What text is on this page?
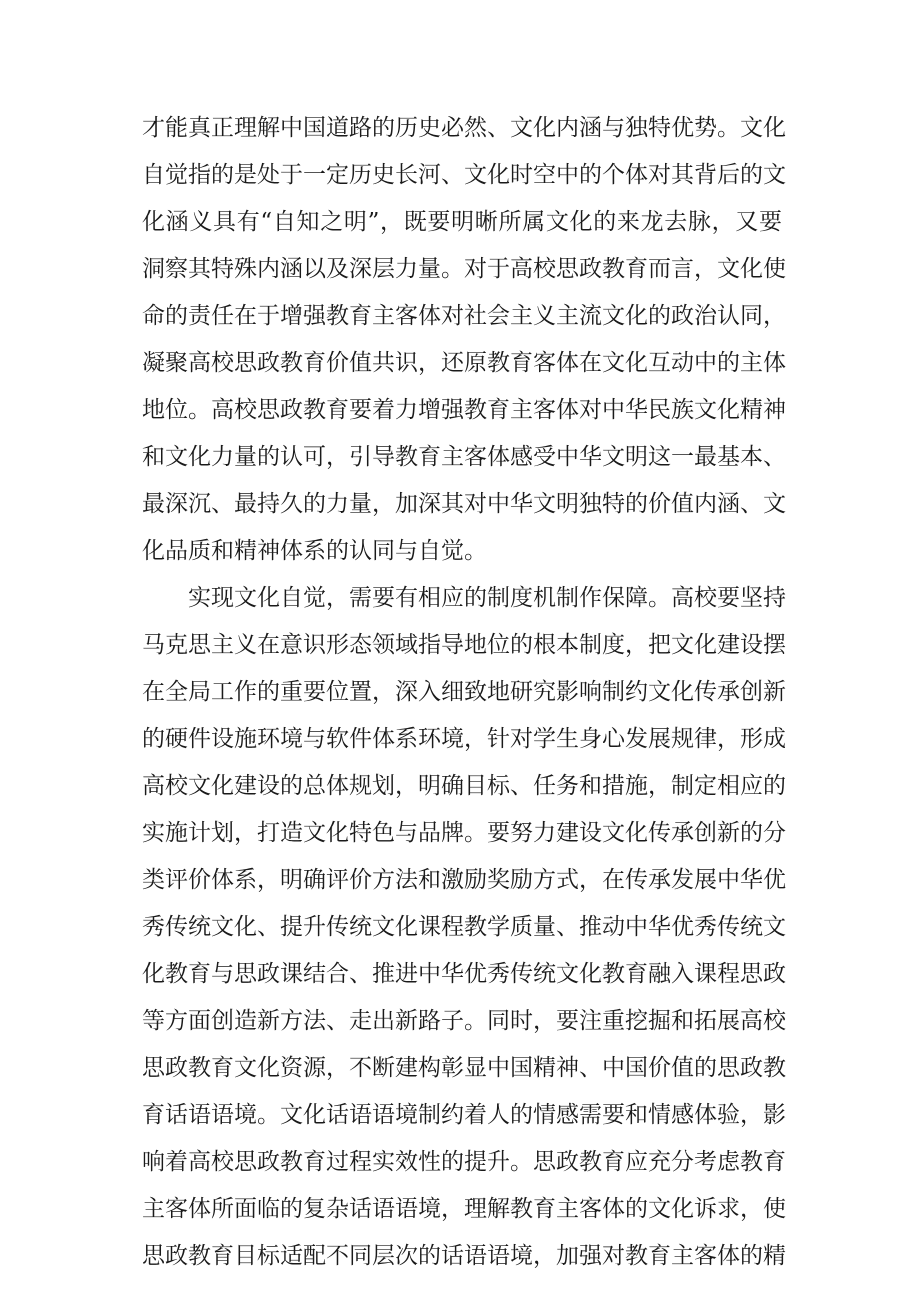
才能真正理解中国道路的历史必然、文化内涵与独特优势。文化
自觉指的是处于一定历史长河、文化时空中的个体对其背后的文
化涵义具有“自知之明”，既要明晰所属文化的来龙去脉，又要
洞察其特殊内涵以及深层力量。对于高校思政教育而言，文化使
命的责任在于增强教育主客体对社会主义主流文化的政治认同，
凝聚高校思政教育价值共识，还原教育客体在文化互动中的主体
地位。高校思政教育要着力增强教育主客体对中华民族文化精神
和文化力量的认可，引导教育主客体感受中华文明这一最基本、
最深沉、最持久的力量，加深其对中华文明独特的价值内涵、文
化品质和精神体系的认同与自觉。
实现文化自觉，需要有相应的制度机制作保障。高校要坚持
马克思主义在意识形态领域指导地位的根本制度，把文化建设摆
在全局工作的重要位置，深入细致地研究影响制约文化传承创新
的硬件设施环境与软件体系环境，针对学生身心发展规律，形成
高校文化建设的总体规划，明确目标、任务和措施，制定相应的
实施计划，打造文化特色与品牌。要努力建设文化传承创新的分
类评价体系，明确评价方法和激励奖励方式，在传承发展中华优
秀传统文化、提升传统文化课程教学质量、推动中华优秀传统文
化教育与思政课结合、推进中华优秀传统文化教育融入课程思政
等方面创造新方法、走出新路子。同时，要注重挖掘和拓展高校
思政教育文化资源，不断建构彰显中国精神、中国价值的思政教
育话语语境。文化话语语境制约着人的情感需要和情感体验，影
响着高校思政教育过程实效性的提升。思政教育应充分考虑教育
主客体所面临的复杂话语语境，理解教育主客体的文化诉求，使
思政教育目标适配不同层次的话语语境，加强对教育主客体的精
